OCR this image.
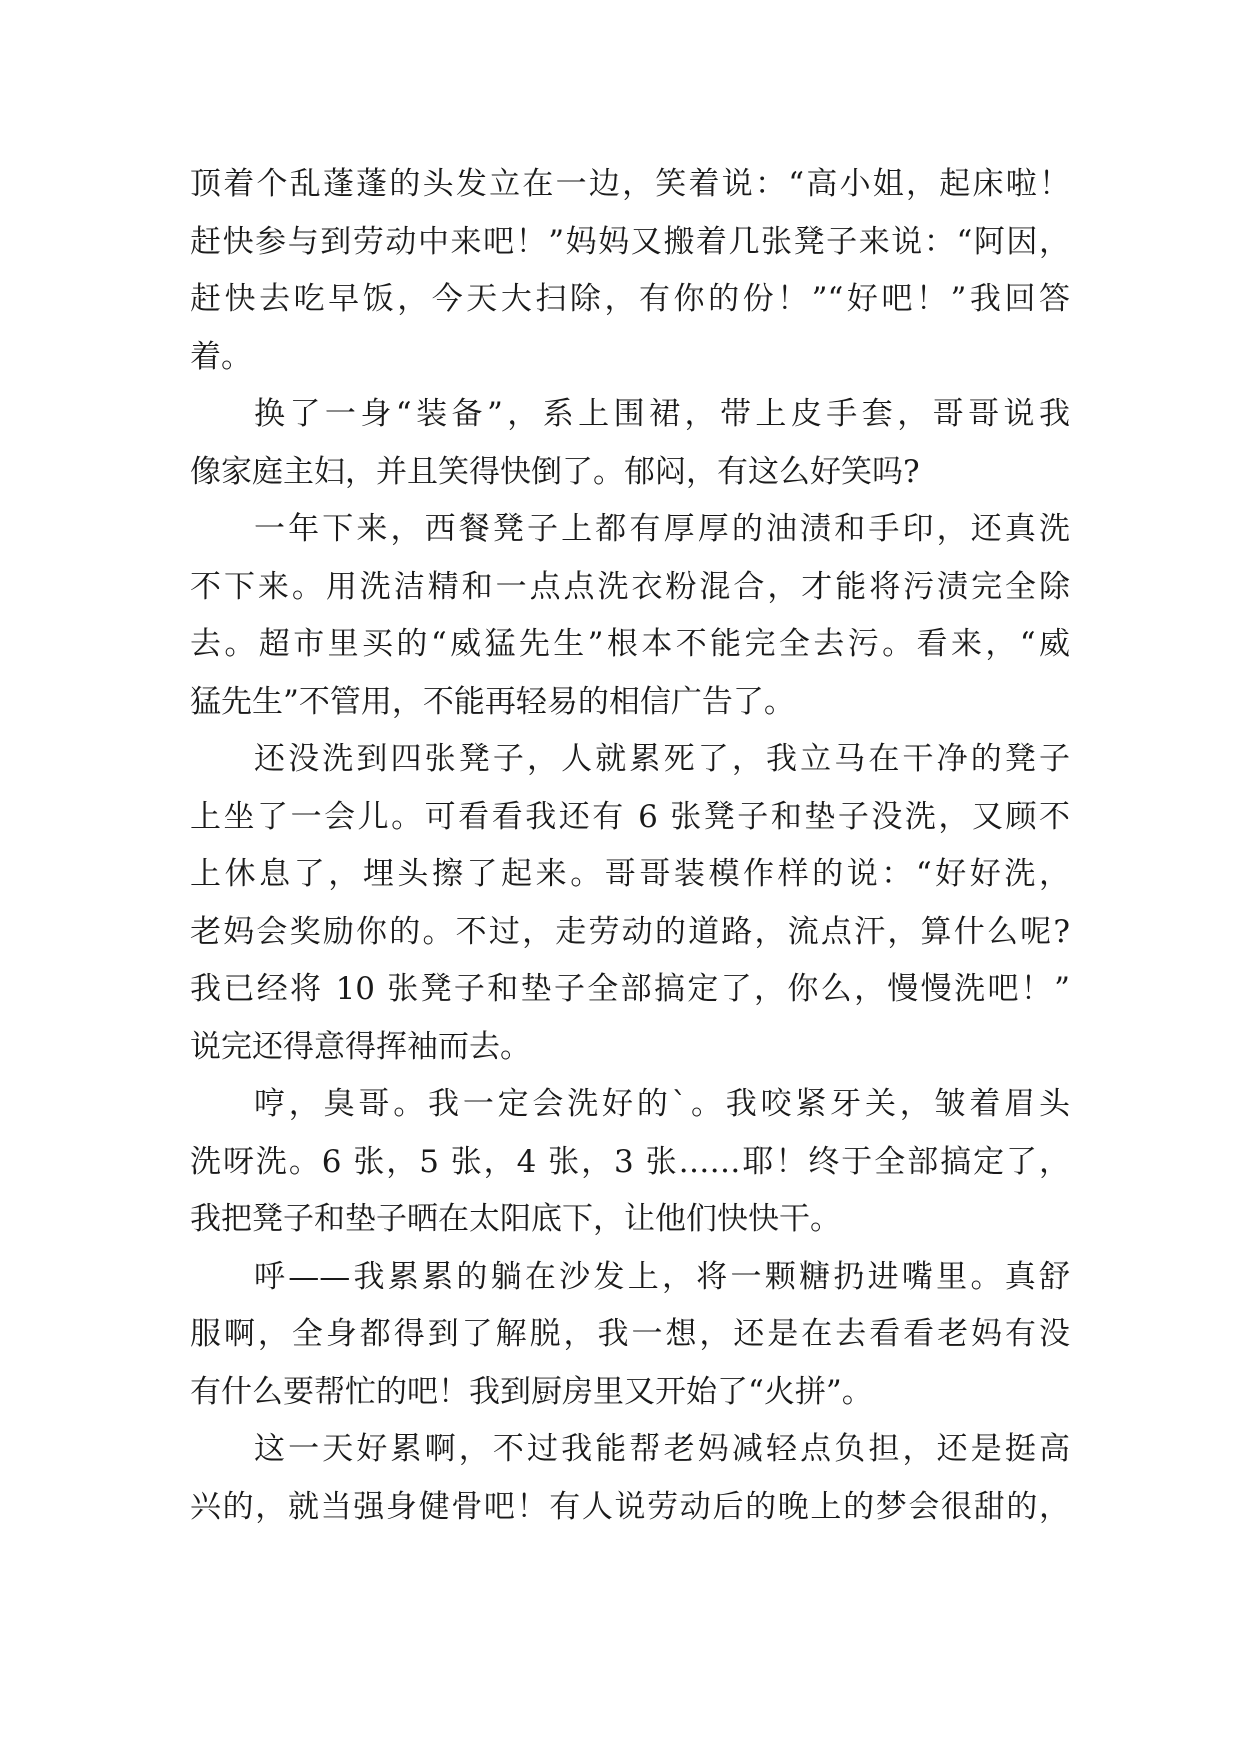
顶着个乱蓬蓬的头发立在一边，笑着说：“高小姐，起床啦！
赶快参与到劳动中来吧！”妈妈又搬着几张凳子来说：“阿因，
赶快去吃早饭，今天大扫除，有你的份！”“好吧！”我回答
着。
换了一身“装备”，系上围裙，带上皮手套，哥哥说我
像家庭主妇，并且笑得快倒了。郁闷，有这么好笑吗?
一年下来，西餐凳子上都有厚厚的油渍和手印，还真洗
不下来。用洗洁精和一点点洗衣粉混合，才能将污渍完全除
去。超市里买的“威猛先生”根本不能完全去污。看来，“威
猛先生”不管用，不能再轻易的相信广告了。
还没洗到四张凳子，人就累死了，我立马在干净的凳子
上坐了一会儿。可看看我还有 6 张凳子和垫子没洗，又顾不
上休息了，埋头擦了起来。哥哥装模作样的说：“好好洗，
老妈会奖励你的。不过，走劳动的道路，流点汗，算什么呢?
我已经将 10 张凳子和垫子全部搞定了，你么，慢慢洗吧！”
说完还得意得挥袖而去。
哼，臭哥。我一定会洗好的`。我咬紧牙关，皱着眉头
洗呀洗。6 张，5 张，4 张，3 张……耶！终于全部搞定了，
我把凳子和垫子晒在太阳底下，让他们快快干。
呼——我累累的躺在沙发上，将一颗糖扔进嘴里。真舒
服啊，全身都得到了解脱，我一想，还是在去看看老妈有没
有什么要帮忙的吧！我到厨房里又开始了“火拼”。
这一天好累啊，不过我能帮老妈减轻点负担，还是挺高
兴的，就当强身健骨吧！有人说劳动后的晚上的梦会很甜的，
